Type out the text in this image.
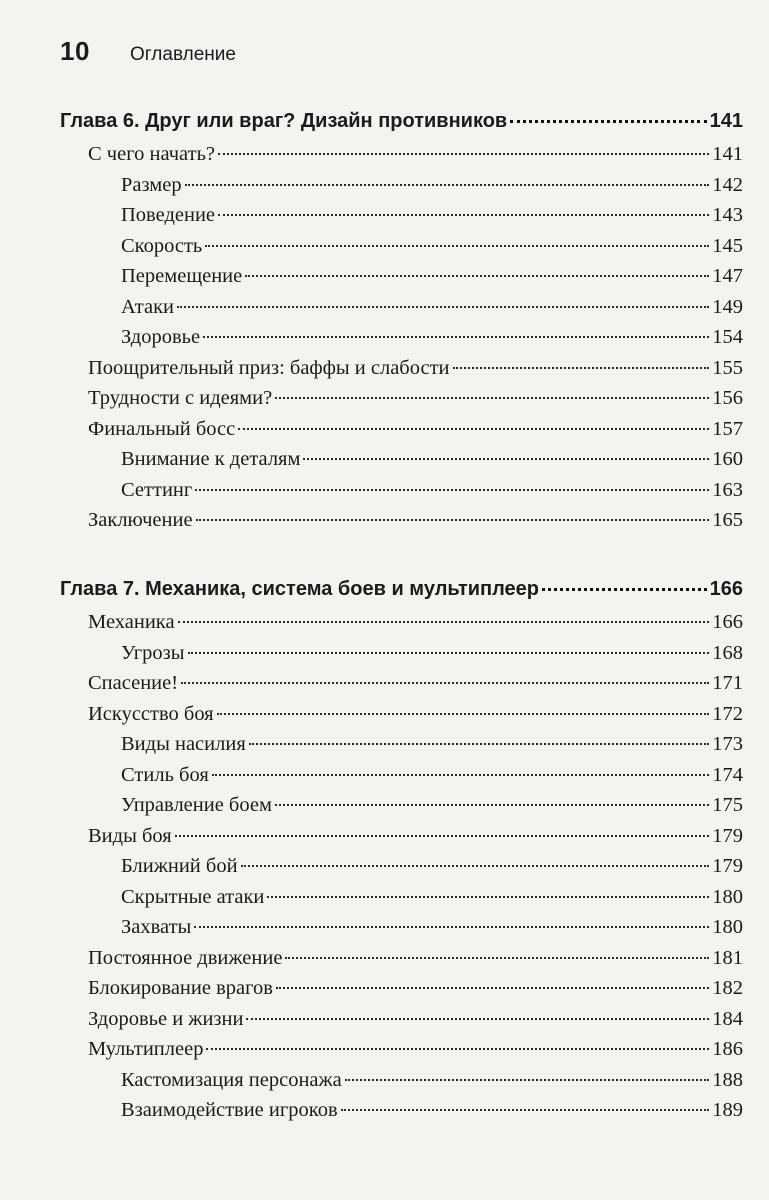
10	Оглавление
Глава 6. Друг или враг? Дизайн противников	141
С чего начать?	141
Размер	142
Поведение	143
Скорость	145
Перемещение	147
Атаки	149
Здоровье	154
Поощрительный приз: баффы и слабости	155
Трудности с идеями?	156
Финальный босс	157
Внимание к деталям	160
Сеттинг	163
Заключение	165
Глава 7. Механика, система боев и мультиплеер	166
Механика	166
Угрозы	168
Спасение!	171
Искусство боя	172
Виды насилия	173
Стиль боя	174
Управление боем	175
Виды боя	179
Ближний бой	179
Скрытные атаки	180
Захваты	180
Постоянное движение	181
Блокирование врагов	182
Здоровье и жизни	184
Мультиплеер	186
Кастомизация персонажа	188
Взаимодействие игроков	189
